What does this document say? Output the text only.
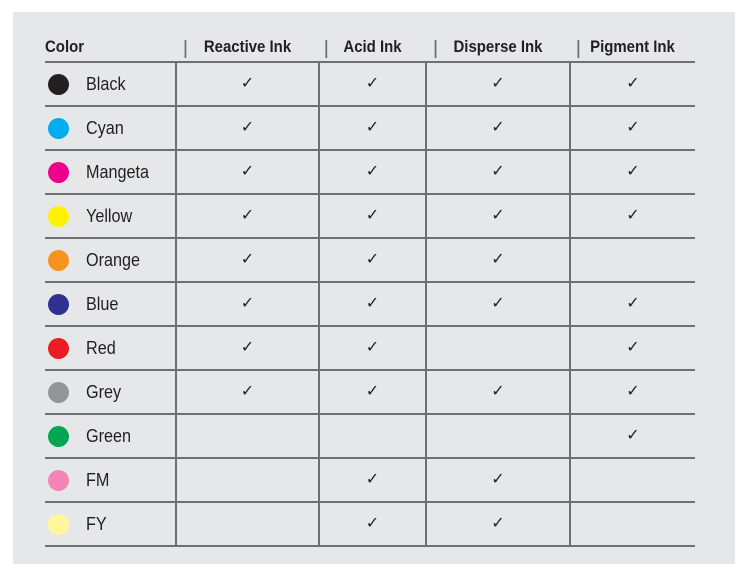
Color	Reactive Ink	Acid Ink	Disperse Ink	Pigment Ink
Black	✓	✓	✓	✓
Cyan	✓	✓	✓	✓
Mangeta	✓	✓	✓	✓
Yellow	✓	✓	✓	✓
Orange	✓	✓	✓	
Blue	✓	✓	✓	✓
Red	✓	✓		✓
Grey	✓	✓	✓	✓
Green				✓
FM		✓	✓	
FY		✓	✓	
